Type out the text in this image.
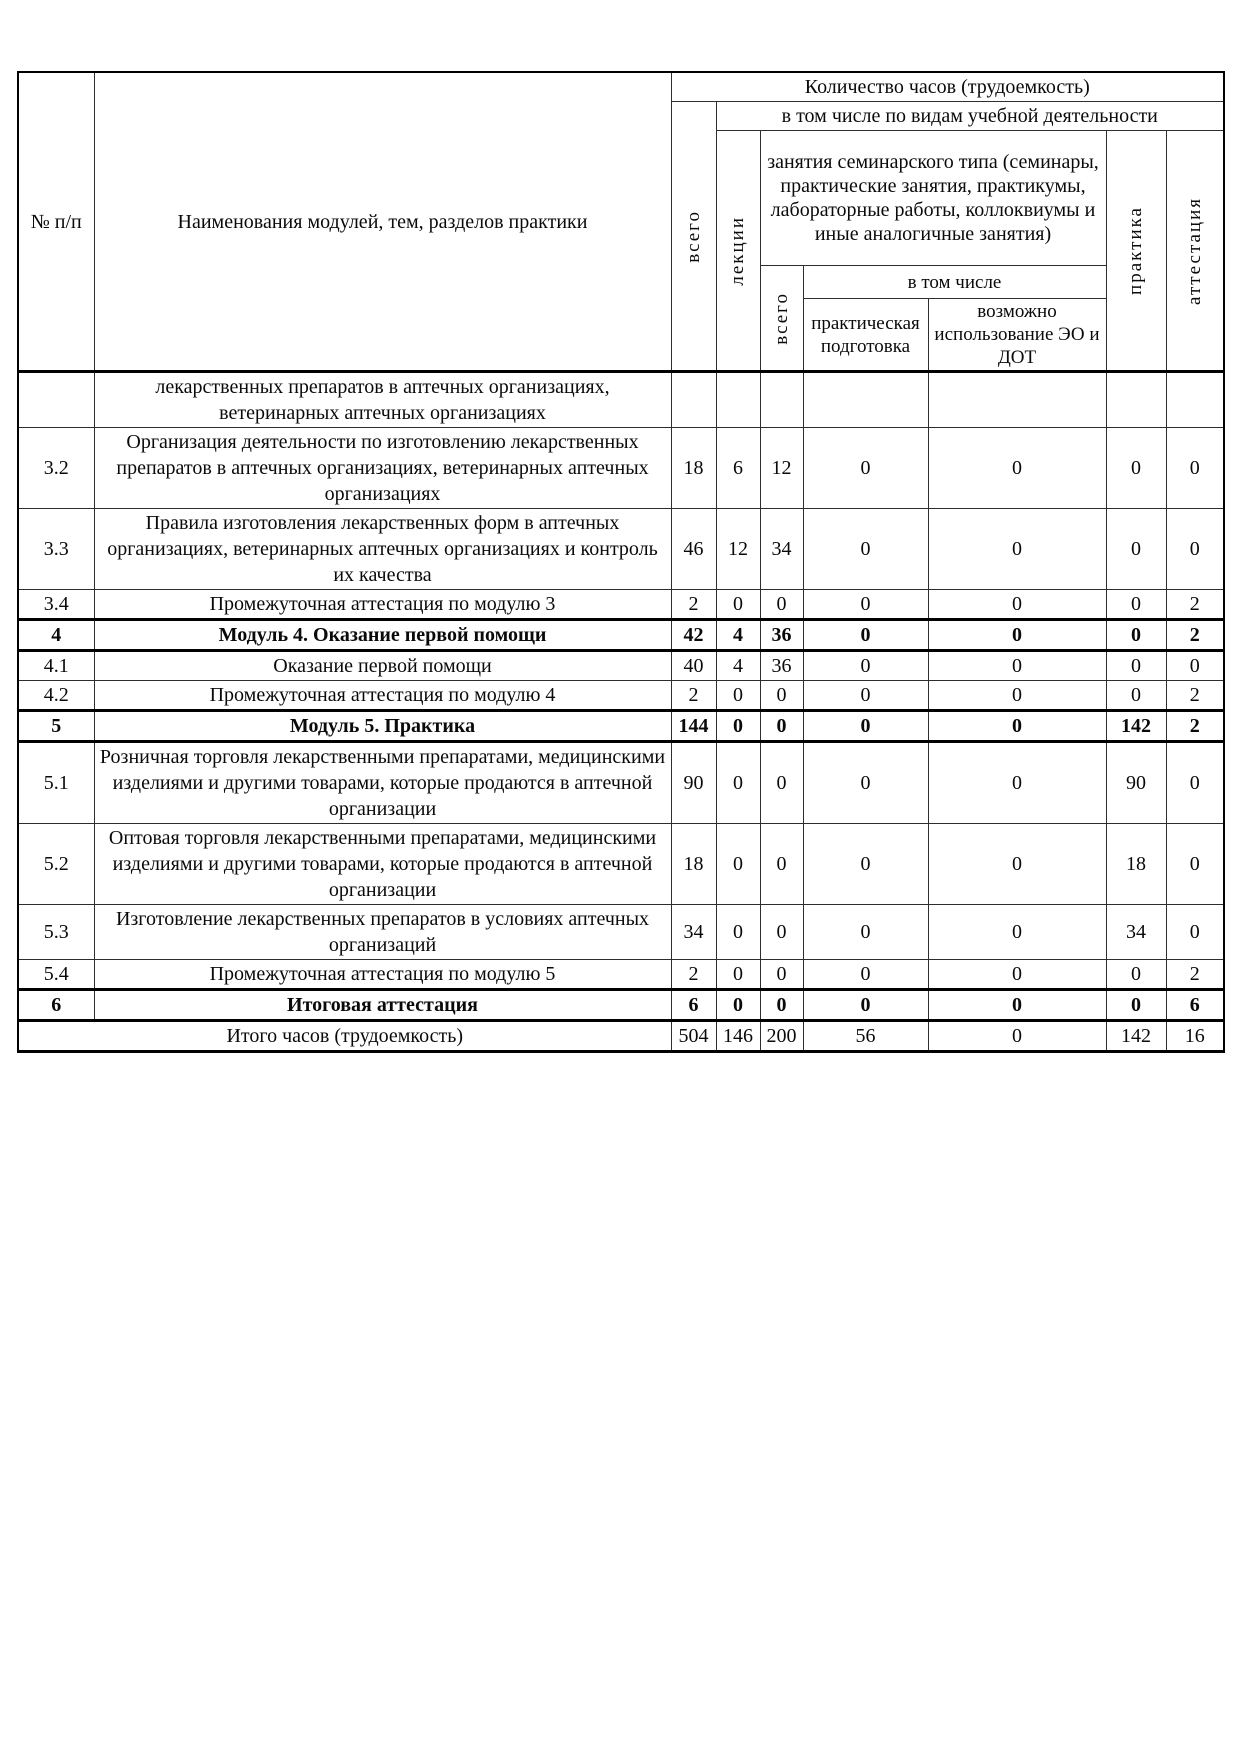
№ п/п	Наименования модулей, тем, разделов практики	Количество часов (трудоемкость)						

		всего	в том числе по видам учебной деятельности					

			лекции	занятия семинарского типа (семинары, практические занятия, практикумы, лабораторные работы, коллоквиумы и иные аналогичные занятия)			практика	аттестация

				всего	в том числе			
					практическая подготовка	возможно использование ЭО и ДОТ		
	лекарственных препаратов в аптечных организациях, ветеринарных аптечных организациях							
3.2	Организация деятельности по изготовлению лекарственных препаратов в аптечных организациях, ветеринарных аптечных организациях	18	6	12	0	0	0	0
3.3	Правила изготовления лекарственных форм в аптечных организациях, ветеринарных аптечных организациях и контроль их качества	46	12	34	0	0	0	0
3.4	Промежуточная аттестация по модулю 3	2	0	0	0	0	0	2
4	Модуль 4. Оказание первой помощи	42	4	36	0	0	0	2
4.1	Оказание первой помощи	40	4	36	0	0	0	0
4.2	Промежуточная аттестация по модулю 4	2	0	0	0	0	0	2
5	Модуль 5. Практика	144	0	0	0	0	142	2
5.1	Розничная торговля лекарственными препаратами, медицинскими изделиями и другими товарами, которые продаются в аптечной организации	90	0	0	0	0	90	0
5.2	Оптовая торговля лекарственными препаратами, медицинскими изделиями и другими товарами, которые продаются в аптечной организации	18	0	0	0	0	18	0
5.3	Изготовление лекарственных препаратов в условиях аптечных организаций	34	0	0	0	0	34	0
5.4	Промежуточная аттестация по модулю 5	2	0	0	0	0	0	2
6	Итоговая аттестация	6	0	0	0	0	0	6
Итого часов (трудоемкость)		504	146	200	56	0	142	16
